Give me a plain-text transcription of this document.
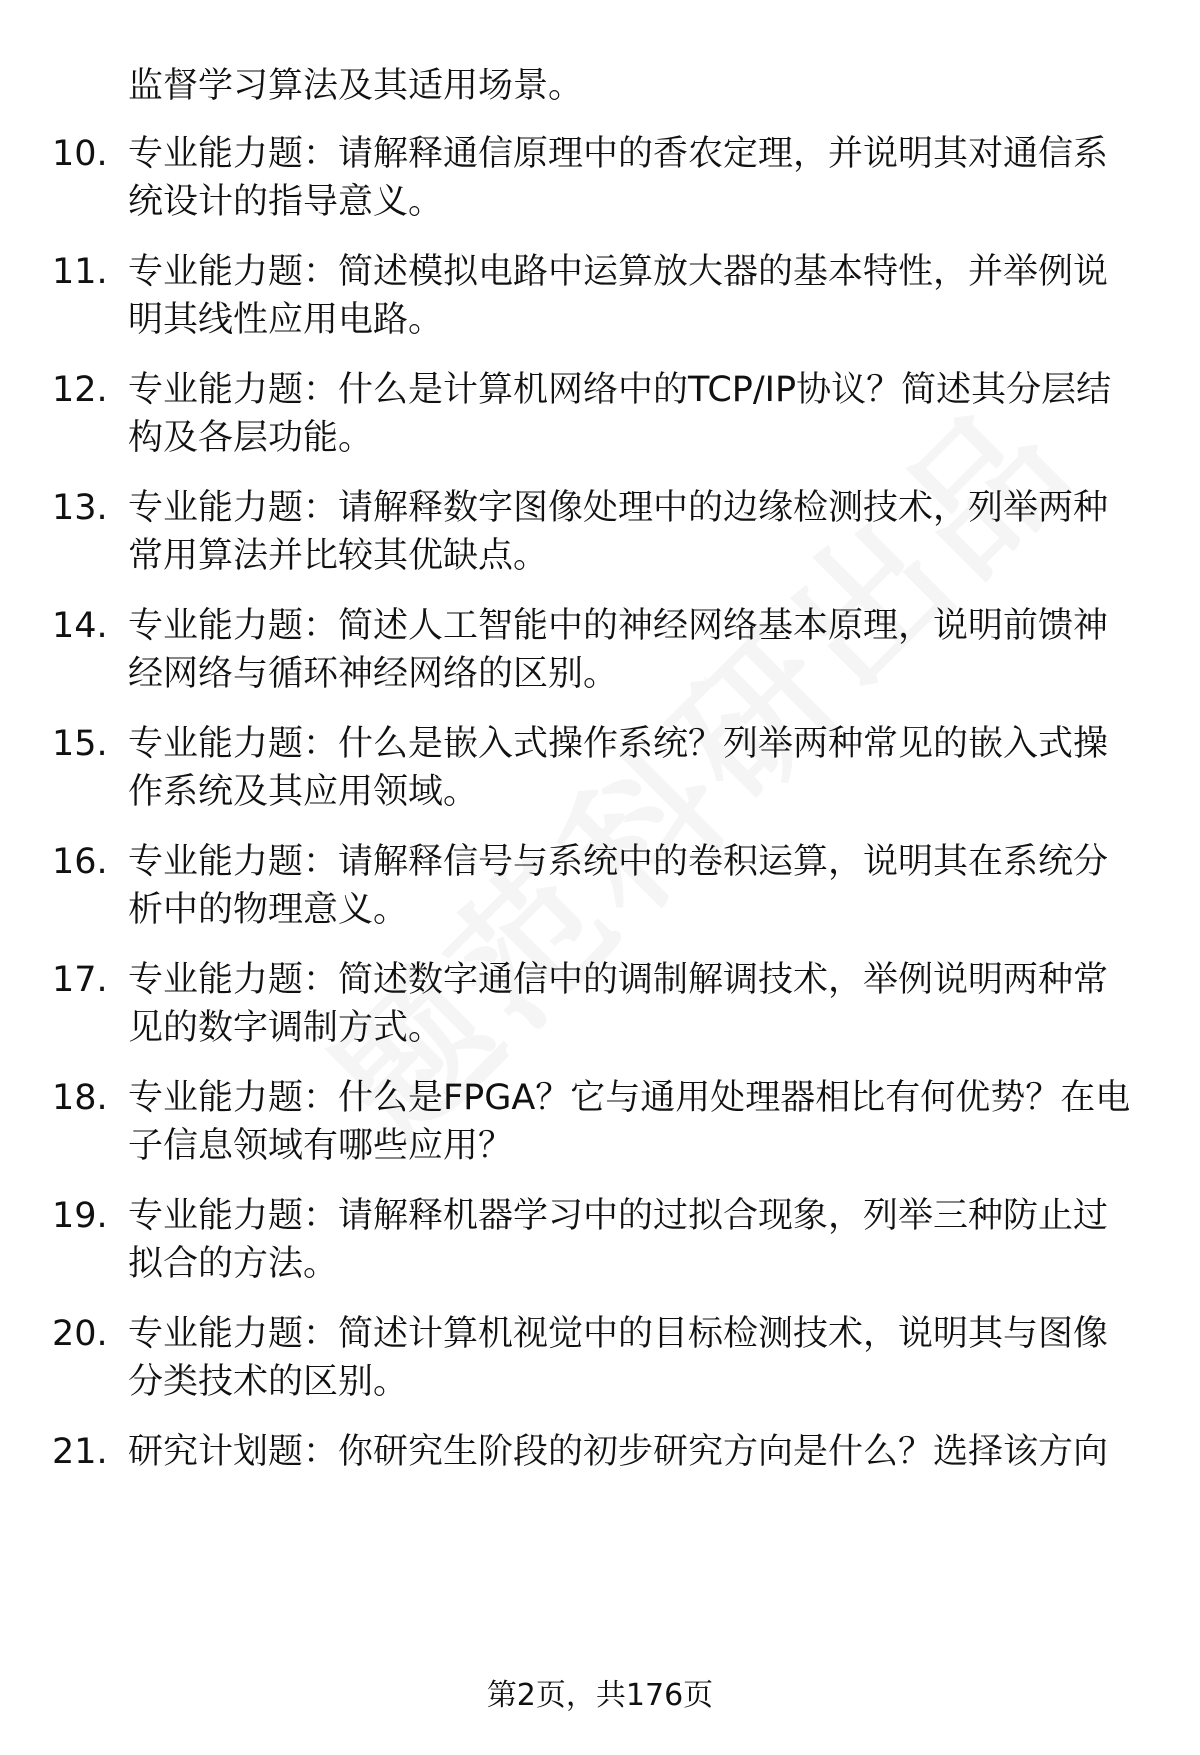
监督学习算法及其适用场景。

10. 专业能力题：请解释通信原理中的香农定理，并说明其对通信系统设计的指导意义。

11. 专业能力题：简述模拟电路中运算放大器的基本特性，并举例说明其线性应用电路。

12. 专业能力题：什么是计算机网络中的TCP/IP协议？简述其分层结构及各层功能。

13. 专业能力题：请解释数字图像处理中的边缘检测技术，列举两种常用算法并比较其优缺点。

14. 专业能力题：简述人工智能中的神经网络基本原理，说明前馈神经网络与循环神经网络的区别。

15. 专业能力题：什么是嵌入式操作系统？列举两种常见的嵌入式操作系统及其应用领域。

16. 专业能力题：请解释信号与系统中的卷积运算，说明其在系统分析中的物理意义。

17. 专业能力题：简述数字通信中的调制解调技术，举例说明两种常见的数字调制方式。

18. 专业能力题：什么是FPGA？它与通用处理器相比有何优势？在电子信息领域有哪些应用？

19. 专业能力题：请解释机器学习中的过拟合现象，列举三种防止过拟合的方法。

20. 专业能力题：简述计算机视觉中的目标检测技术，说明其与图像分类技术的区别。

21. 研究计划题：你研究生阶段的初步研究方向是什么？选择该方向

第2页，共176页
